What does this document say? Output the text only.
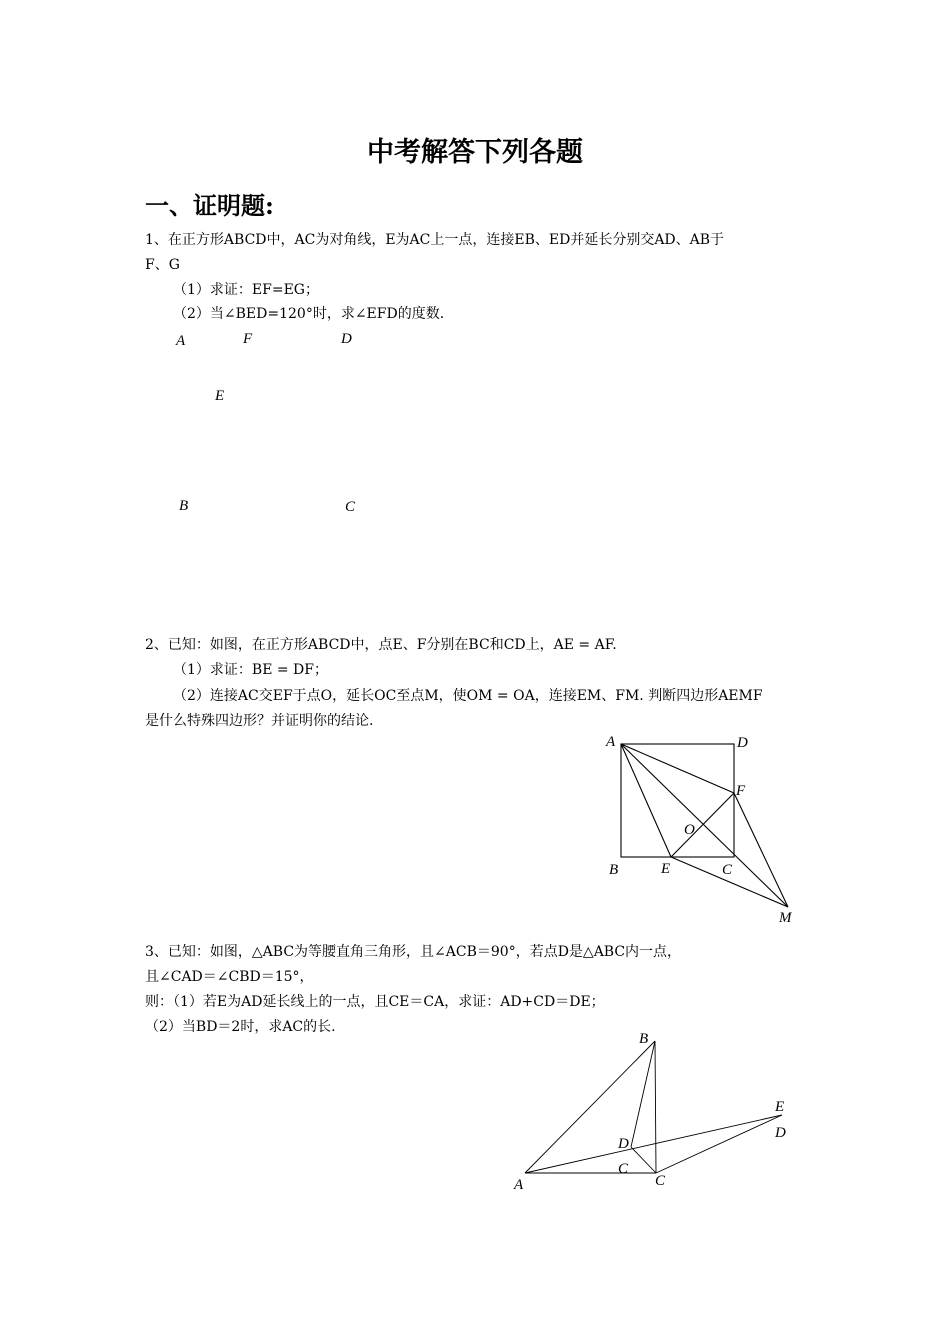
中考解答下列各题
一、证明题:
1、在正方形ABCD中，AC为对角线，E为AC上一点，连接EB、ED并延长分别交AD、AB于
F、G
（1）求证：EF=EG；
（2）当∠BED=120°时，求∠EFD的度数．
A	F	D
E
B	C
2、已知：如图，在正方形ABCD中，点E、F分别在BC和CD上，AE = AF.
（1）求证：BE = DF；
（2）连接AC交EF于点O，延长OC至点M，使OM = OA，连接EM、FM. 判断四边形AEMF
是什么特殊四边形？并证明你的结论.
A	D
F
O
B	E	C
M
3、已知：如图，△ABC为等腰直角三角形，且∠ACB＝90°，若点D是△ABC内一点，
且∠CAD＝∠CBD＝15°，
则：（1）若E为AD延长线上的一点，且CE＝CA，求证：AD+CD＝DE；
（2）当BD＝2时，求AC的长.
B
E
D
D
C
A	C
